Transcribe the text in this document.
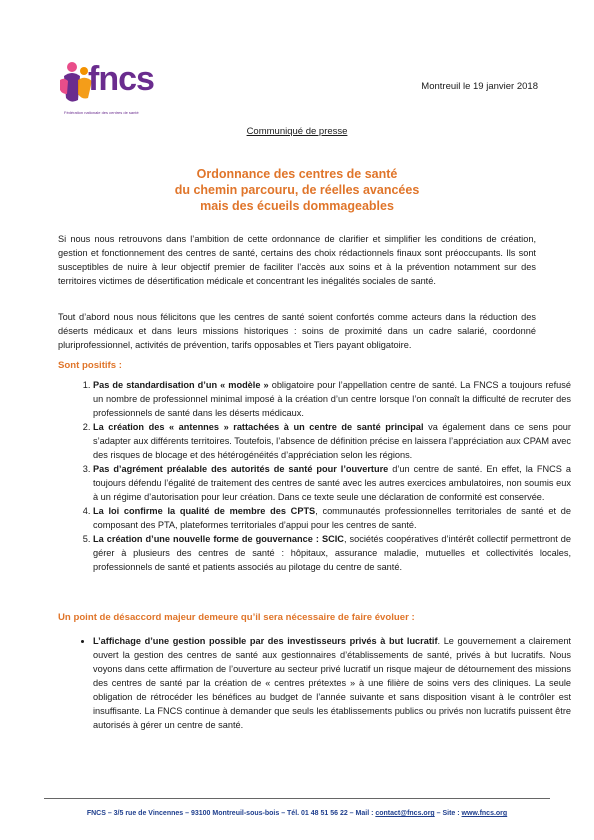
fncs
Fédération nationale des centres de santé
Montreuil le 19 janvier 2018
Communiqué de presse
Ordonnance des centres de santé
du chemin parcouru, de réelles avancées
mais des écueils dommageables

Si nous nous retrouvons dans l’ambition de cette ordonnance de clarifier et simplifier les conditions de création, gestion et fonctionnement des centres de santé, certains des choix rédactionnels finaux sont préoccupants. Ils sont susceptibles de nuire à leur objectif premier de faciliter l’accès aux soins et à la prévention notamment sur des territoires victimes de désertification médicale et concentrant les inégalités sociales de santé.

Tout d’abord nous nous félicitons que les centres de santé soient confortés comme acteurs dans la réduction des déserts médicaux et dans leurs missions historiques : soins de proximité dans un cadre salarié, coordonné pluriprofessionnel, activités de prévention, tarifs opposables et Tiers payant obligatoire.

Sont positifs :
1. Pas de standardisation d’un « modèle » obligatoire pour l’appellation centre de santé. La FNCS a toujours refusé un nombre de professionnel minimal imposé à la création d’un centre lorsque l’on connaît la difficulté de recruter des professionnels de santé dans les déserts médicaux.
2. La création des « antennes » rattachées à un centre de santé principal va également dans ce sens pour s’adapter aux différents territoires. Toutefois, l’absence de définition précise en laissera l’appréciation aux CPAM avec des risques de blocage et des hétérogénéités d’appréciation selon les régions.
3. Pas d’agrément préalable des autorités de santé pour l’ouverture d’un centre de santé. En effet, la FNCS a toujours défendu l’égalité de traitement des centres de santé avec les autres exercices ambulatoires, non soumis eux à un régime d’autorisation pour leur création. Dans ce texte seule une déclaration de conformité est conservée.
4. La loi confirme la qualité de membre des CPTS, communautés professionnelles territoriales de santé et de composant des PTA, plateformes territoriales d’appui pour les centres de santé.
5. La création d’une nouvelle forme de gouvernance : SCIC, sociétés coopératives d’intérêt collectif permettront de gérer à plusieurs des centres de santé : hôpitaux, assurance maladie, mutuelles et collectivités locales, professionnels de santé et patients associés au pilotage du centre de santé.
Un point de désaccord majeur demeure qu’il sera nécessaire de faire évoluer :
• L’affichage d’une gestion possible par des investisseurs privés à but lucratif. Le gouvernement a clairement ouvert la gestion des centres de santé aux gestionnaires d’établissements de santé, privés à but lucratifs. Nous voyons dans cette affirmation de l’ouverture au secteur privé lucratif un risque majeur de détournement des missions des centres de santé par la création de « centres prétextes » à une filière de soins vers des cliniques. La seule obligation de rétrocéder les bénéfices au budget de l’année suivante et sans disposition visant à le contrôler est insuffisante. La FNCS continue à demander que seuls les établissements publics ou privés non lucratifs puissent être autorisés à gérer un centre de santé.
FNCS – 3/5 rue de Vincennes – 93100 Montreuil-sous-bois – Tél. 01 48 51 56 22 – Mail : contact@fncs.org – Site : www.fncs.org
